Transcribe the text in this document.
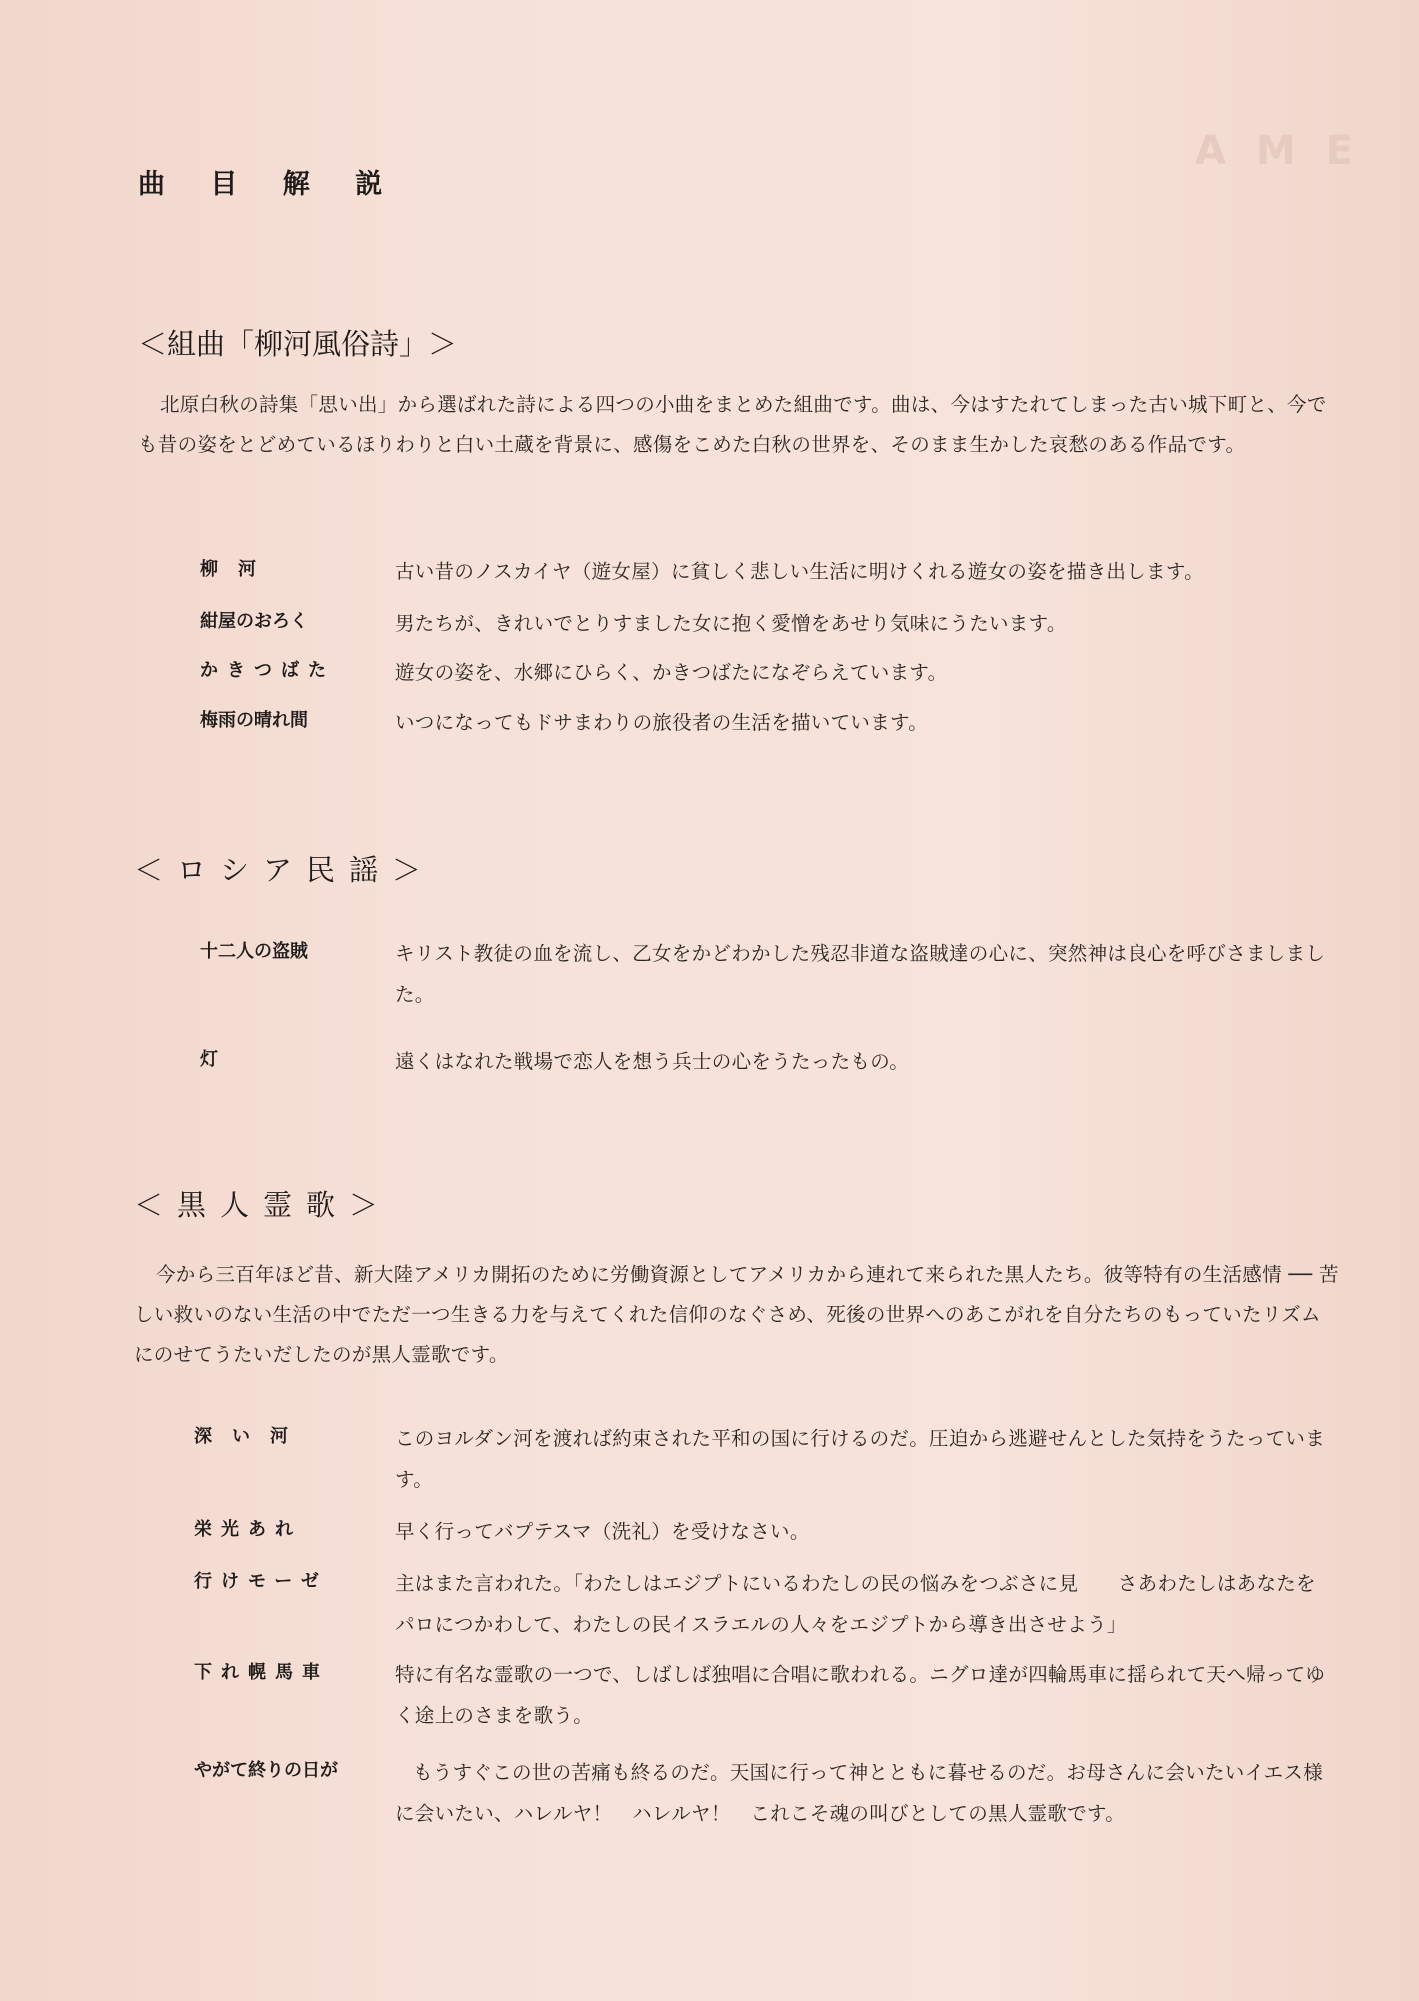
A M E
曲 目 解 説
＜組曲「柳河風俗詩」＞
北原白秋の詩集「思い出」から選ばれた詩による四つの小曲をまとめた組曲です。曲は、今はすたれてしまった古い城下町と、今でも昔の姿をとどめているほりわりと白い土蔵を背景に、感傷をこめた白秋の世界を、そのまま生かした哀愁のある作品です。
柳河	古い昔のノスカイヤ（遊女屋）に貧しく悲しい生活に明けくれる遊女の姿を描き出します。
紺屋のおろく	男たちが、きれいでとりすました女に抱く愛憎をあせり気味にうたいます。
かきつばた	遊女の姿を、水郷にひらく、かきつばたになぞらえています。
梅雨の晴れ間	いつになってもドサまわりの旅役者の生活を描いています。
＜ロシア民謡＞
十二人の盗賊	キリスト教徒の血を流し、乙女をかどわかした残忍非道な盗賊達の心に、突然神は良心を呼びさましました。
灯	遠くはなれた戦場で恋人を想う兵士の心をうたったもの。
＜黒人霊歌＞
今から三百年ほど昔、新大陸アメリカ開拓のために労働資源としてアメリカから連れて来られた黒人たち。彼等特有の生活感情 ── 苦しい救いのない生活の中でただ一つ生きる力を与えてくれた信仰のなぐさめ、死後の世界へのあこがれを自分たちのもっていたリズムにのせてうたいだしたのが黒人霊歌です。
深い河	このヨルダン河を渡れば約束された平和の国に行けるのだ。圧迫から逃避せんとした気持をうたっています。
栄光あれ	早く行ってバプテスマ（洗礼）を受けなさい。
行けモーゼ	主はまた言われた。「わたしはエジプトにいるわたしの民の悩みをつぶさに見　　さあわたしはあなたをパロにつかわして、わたしの民イスラエルの人々をエジプトから導き出させよう」
下れ幌馬車	特に有名な霊歌の一つで、しばしば独唱に合唱に歌われる。ニグロ達が四輪馬車に揺られて天へ帰ってゆく途上のさまを歌う。
やがて終りの日が	もうすぐこの世の苦痛も終るのだ。天国に行って神とともに暮せるのだ。お母さんに会いたいイエス様に会いたい、ハレルヤ！　ハレルヤ！　これこそ魂の叫びとしての黒人霊歌です。
